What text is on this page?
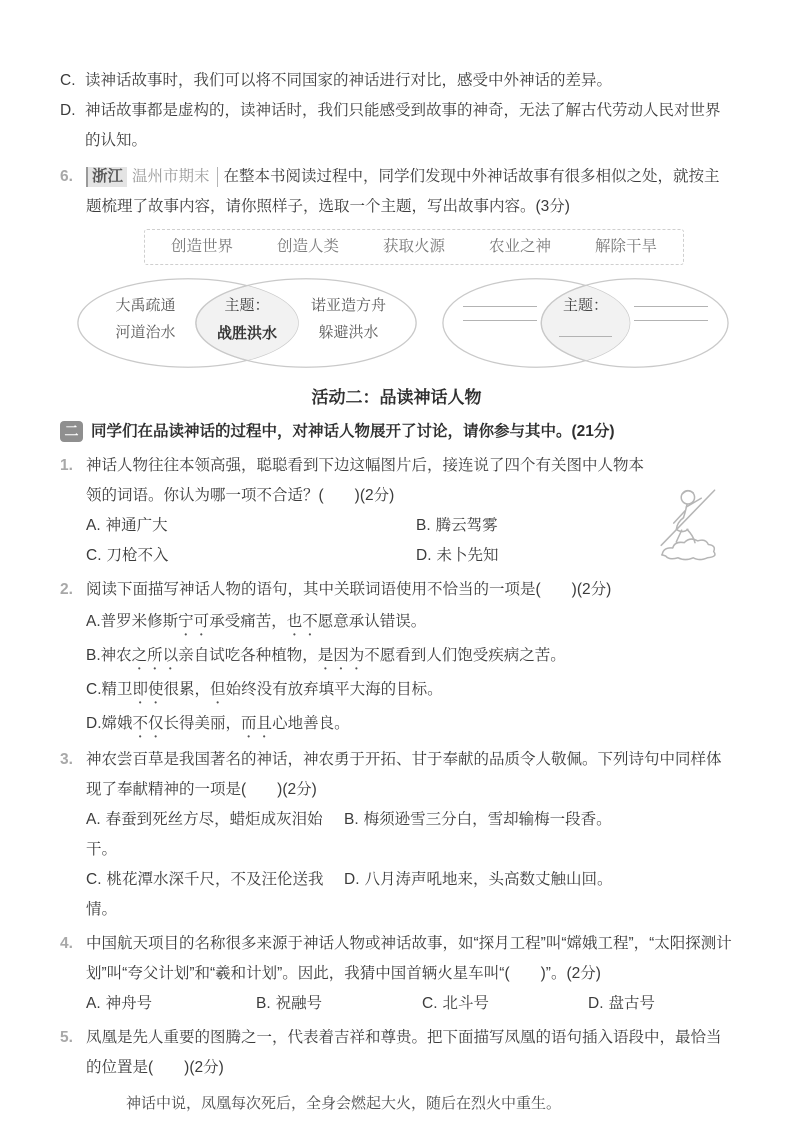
C. 读神话故事时，我们可以将不同国家的神话进行对比，感受中外神话的差异。
D. 神话故事都是虚构的，读神话时，我们只能感受到故事的神奇，无法了解古代劳动人民对世界的认知。
6.	浙江 温州市期末 在整本书阅读过程中，同学们发现中外神话故事有很多相似之处，就按主题梳理了故事内容，请你照样子，选取一个主题，写出故事内容。(3分)

创造世界	创造人类	获取火源	农业之神	解除干旱
大禹疏通
河道治水
主题：
战胜洪水
诺亚造方舟
躲避洪水
主题：
活动二：品读神话人物
二 同学们在品读神话的过程中，对神话人物展开了讨论，请你参与其中。(21分)
1. 神话人物往往本领高强，聪聪看到下边这幅图片后，接连说了四个有关图中人物本领的词语。你认为哪一项不合适？(　　)(2分)

A. 神通广大	B. 腾云驾雾
C. 刀枪不入	D. 未卜先知
2. 阅读下面描写神话人物的语句，其中关联词语使用不恰当的一项是(　　)(2分)

A.普罗米修斯宁可承受痛苦，也不愿意承认错误。
B.神农之所以亲自试吃各种植物，是因为不愿看到人们饱受疾病之苦。
C.精卫即使很累，但始终没有放弃填平大海的目标。
D.嫦娥不仅长得美丽，而且心地善良。
3. 神农尝百草是我国著名的神话，神农勇于开拓、甘于奉献的品质令人敬佩。下列诗句中同样体现了奉献精神的一项是(　　)(2分)

A. 春蚕到死丝方尽，蜡炬成灰泪始干。
B. 梅须逊雪三分白，雪却输梅一段香。
C. 桃花潭水深千尺，不及汪伦送我情。
D. 八月涛声吼地来，头高数丈触山回。
4. 中国航天项目的名称很多来源于神话人物或神话故事，如“探月工程”叫“嫦娥工程”，“太阳探测计划”叫“夸父计划”和“羲和计划”。因此，我猜中国首辆火星车叫“(　　)”。(2分)

A. 神舟号	B. 祝融号	C. 北斗号	D. 盘古号
5. 凤凰是先人重要的图腾之一，代表着吉祥和尊贵。把下面描写凤凰的语句插入语段中，最恰当的位置是(　　)(2分)

神话中说，凤凰每次死后，全身会燃起大火，随后在烈火中重生。
